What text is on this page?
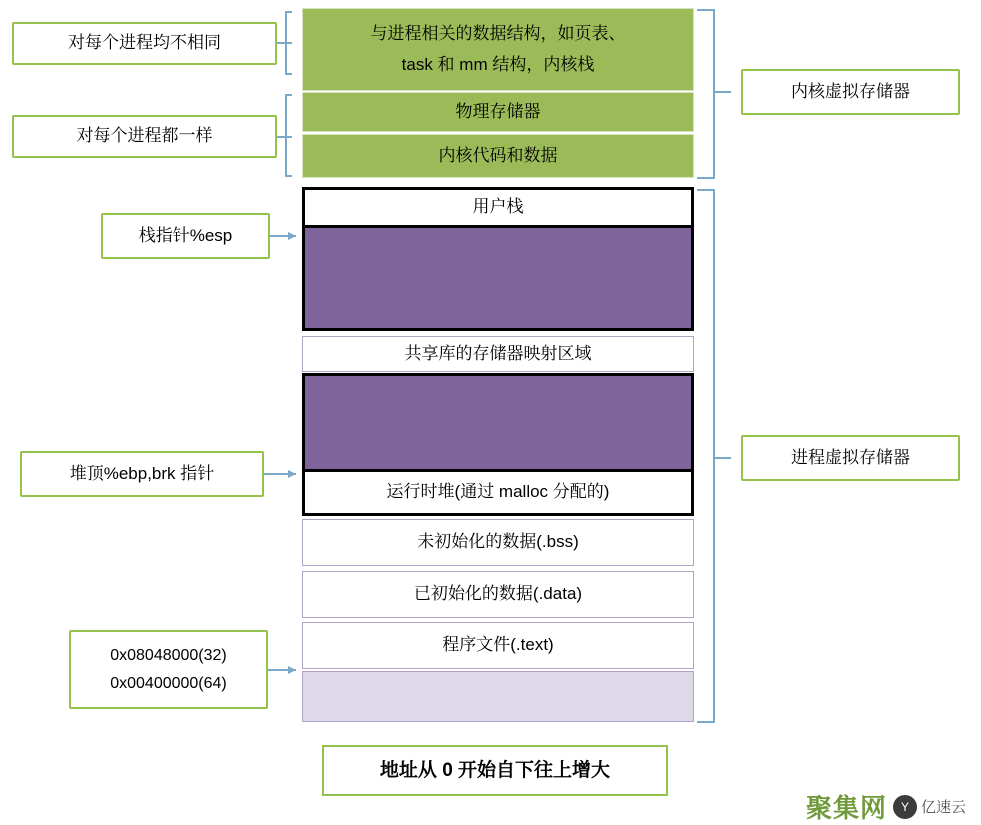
对每个进程均不相同
对每个进程都一样
栈指针%esp
堆顶%ebp,brk 指针
0x08048000(32)
0x00400000(64)
内核虚拟存储器
进程虚拟存储器
与进程相关的数据结构，如页表、
task 和 mm 结构，内核栈
物理存储器
内核代码和数据
用户栈
共享库的存储器映射区域
运行时堆(通过 malloc 分配的)
未初始化的数据(.bss)
已初始化的数据(.data)
程序文件(.text)
地址从 0 开始自下往上增大
聚集网	Y 亿速云
